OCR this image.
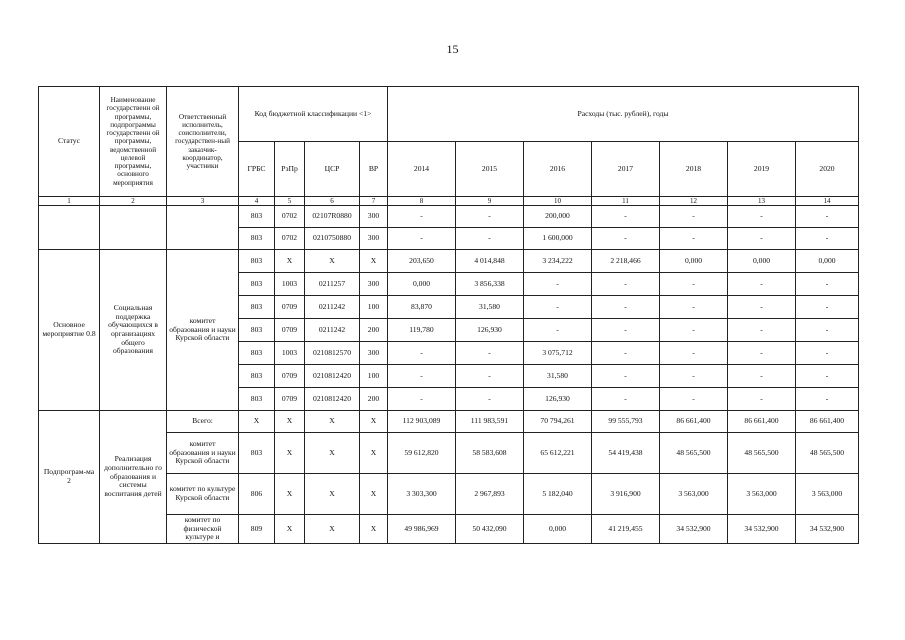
15
Статус	Наименование государственн ой программы, подпрограммы государственн ой программы, ведомственной целевой программы, основного мероприятия	Ответственный исполнитель, соисполнители, государствен-ный заказчик-координатор, участники	Код бюджетной классификации <1>				Расходы (тыс. рублей), годы						
			ГРБС	РзПр	ЦСР	ВР	2014	2015	2016	2017	2018	2019	2020
1	2	3	4	5	6	7	8	9	10	11	12	13	14
			803	0702	02107R0880	300	-	-	200,000	-	-	-	-
			803	0702	0210750880	300	-	-	1 600,000	-	-	-	-
Основное мероприятие 0.8	Социальная поддержка обучающихся в организациях общего образования	комитет образования и науки Курской области	803	Х	Х	Х	203,650	4 014,848	3 234,222	2 218,466	0,000	0,000	0,000
			803	1003	0211257	300	0,000	3 856,338	-	-	-	-	-
			803	0709	0211242	100	83,870	31,580	-	-	-	-	-
			803	0709	0211242	200	119,780	126,930	-	-	-	-	-
			803	1003	0210812570	300	-	-	3 075,712	-	-	-	-
			803	0709	0210812420	100	-	-	31,580	-	-	-	-
			803	0709	0210812420	200	-	-	126,930	-	-	-	-
Подпрограм-ма 2	Реализация дополнительно го образования и системы воспитания детей	Всего:	Х	Х	Х	Х	112 903,089	111 983,591	70 794,261	99 555,793	86 661,400	86 661,400	86 661,400
		комитет образования и науки Курской области	803	Х	Х	Х	59 612,820	58 583,608	65 612,221	54 419,438	48 565,500	48 565,500	48 565,500
		комитет по культуре Курской области	806	Х	Х	Х	3 303,300	2 967,893	5 182,040	3 916,900	3 563,000	3 563,000	3 563,000
		комитет по физической культуре и	809	Х	Х	Х	49 986,969	50 432,090	0,000	41 219,455	34 532,900	34 532,900	34 532,900
